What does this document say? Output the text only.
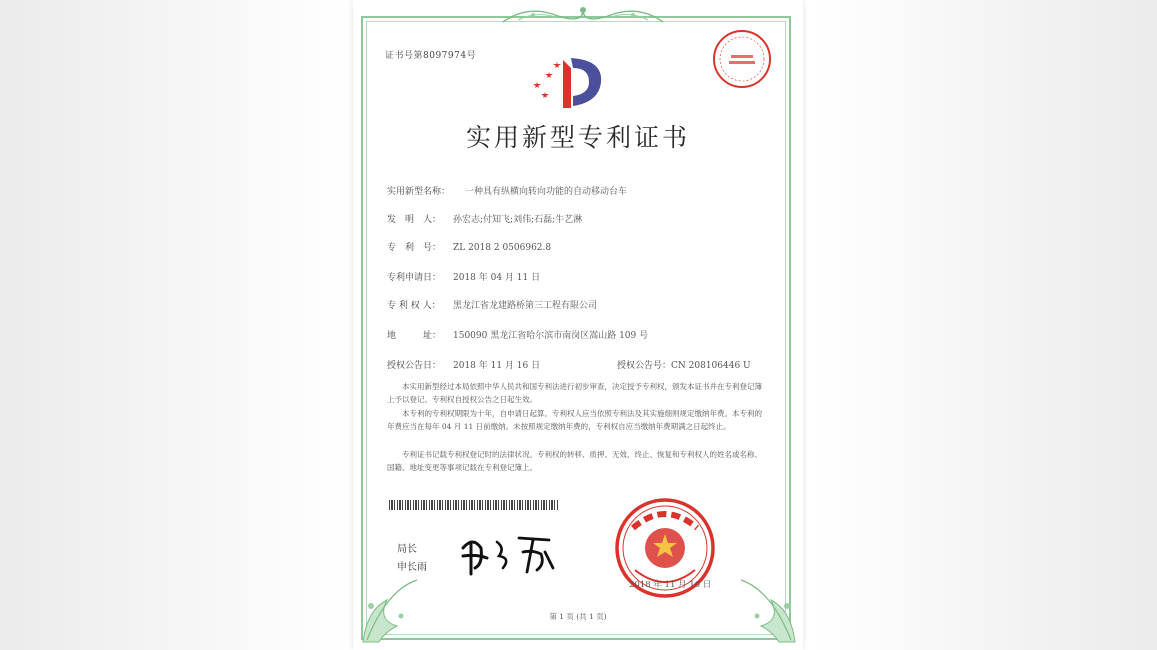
证书号第8097974号
实用新型专利证书
实用新型名称： 一种具有纵横向转向功能的自动移动台车
发　明　人： 孙宏志;付知飞;刘伟;石磊;牛艺淋
专　利　号： ZL 2018 2 0506962.8
专利申请日： 2018 年 04 月 11 日
专 利 权 人： 黑龙江省龙建路桥第三工程有限公司
地　　　址： 150090 黑龙江省哈尔滨市南岗区嵩山路 109 号
授权公告日： 2018 年 11 月 16 日	授权公告号：CN 208106446 U
本实用新型经过本局依照中华人民共和国专利法进行初步审查，决定授予专利权，颁发本证书并在专利登记簿上予以登记。专利权自授权公告之日起生效。
本专利的专利权期限为十年，自申请日起算。专利权人应当依照专利法及其实施细则规定缴纳年费。本专利的年费应当在每年 04 月 11 日前缴纳。未按照规定缴纳年费的，专利权自应当缴纳年费期满之日起终止。
专利证书记载专利权登记时的法律状况。专利权的转移、质押、无效、终止、恢复和专利权人的姓名或名称、国籍、地址变更等事项记载在专利登记簿上。
局长
申长雨
2018 年 11 月 16 日
第 1 页 (共 1 页)
